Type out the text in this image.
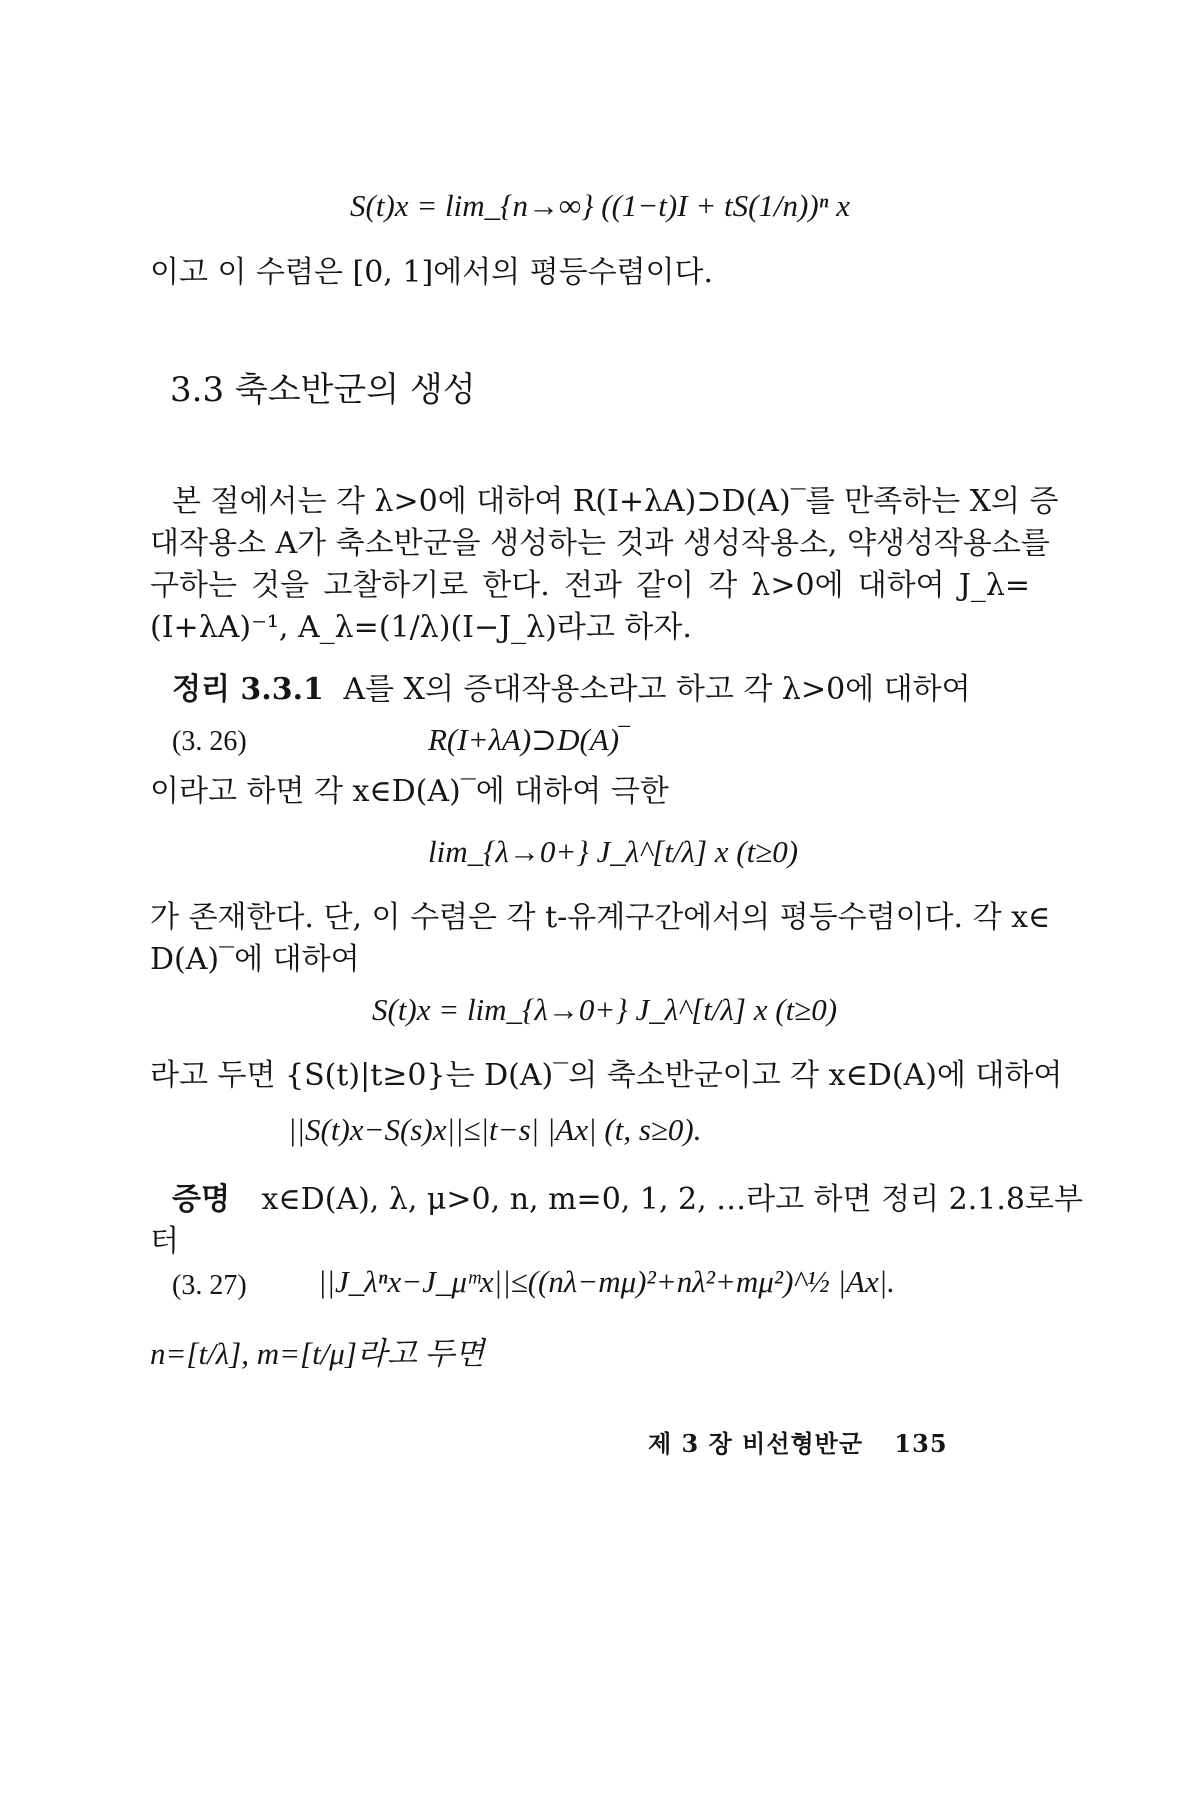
S(t)x = lim_{n→∞} ((1−t)I + tS(1/n))ⁿ x
이고 이 수렴은 [0, 1]에서의 평등수렴이다.
3.3 축소반군의 생성
본 절에서는 각 λ>0에 대하여 R(I+λA)⊃D(A)‾를 만족하는 X의 증
대작용소 A가 축소반군을 생성하는 것과 생성작용소, 약생성작용소를
구하는 것을 고찰하기로 한다. 전과 같이 각 λ>0에 대하여 J_λ=
(I+λA)⁻¹, A_λ=(1/λ)(I−J_λ)라고 하자.
정리 3.3.1 A를 X의 증대작용소라고 하고 각 λ>0에 대하여
(3. 26)	R(I+λA)⊃D(A)‾
이라고 하면 각 x∈D(A)‾에 대하여 극한
lim_{λ→0+} J_λ^[t/λ] x (t≥0)
가 존재한다. 단, 이 수렴은 각 t-유계구간에서의 평등수렴이다. 각 x∈
D(A)‾에 대하여
S(t)x = lim_{λ→0+} J_λ^[t/λ] x (t≥0)
라고 두면 {S(t)|t≥0}는 D(A)‾의 축소반군이고 각 x∈D(A)에 대하여
||S(t)x−S(s)x||≤|t−s| |Ax| (t, s≥0).
증명 x∈D(A), λ, μ>0, n, m=0, 1, 2, …라고 하면 정리 2.1.8로부
터
(3. 27) ||J_λⁿx−J_μᵐx||≤((nλ−mμ)²+nλ²+mμ²)^½ |Ax|.
n=[t/λ], m=[t/μ]라고 두면
제 3 장 비선형반군 135
